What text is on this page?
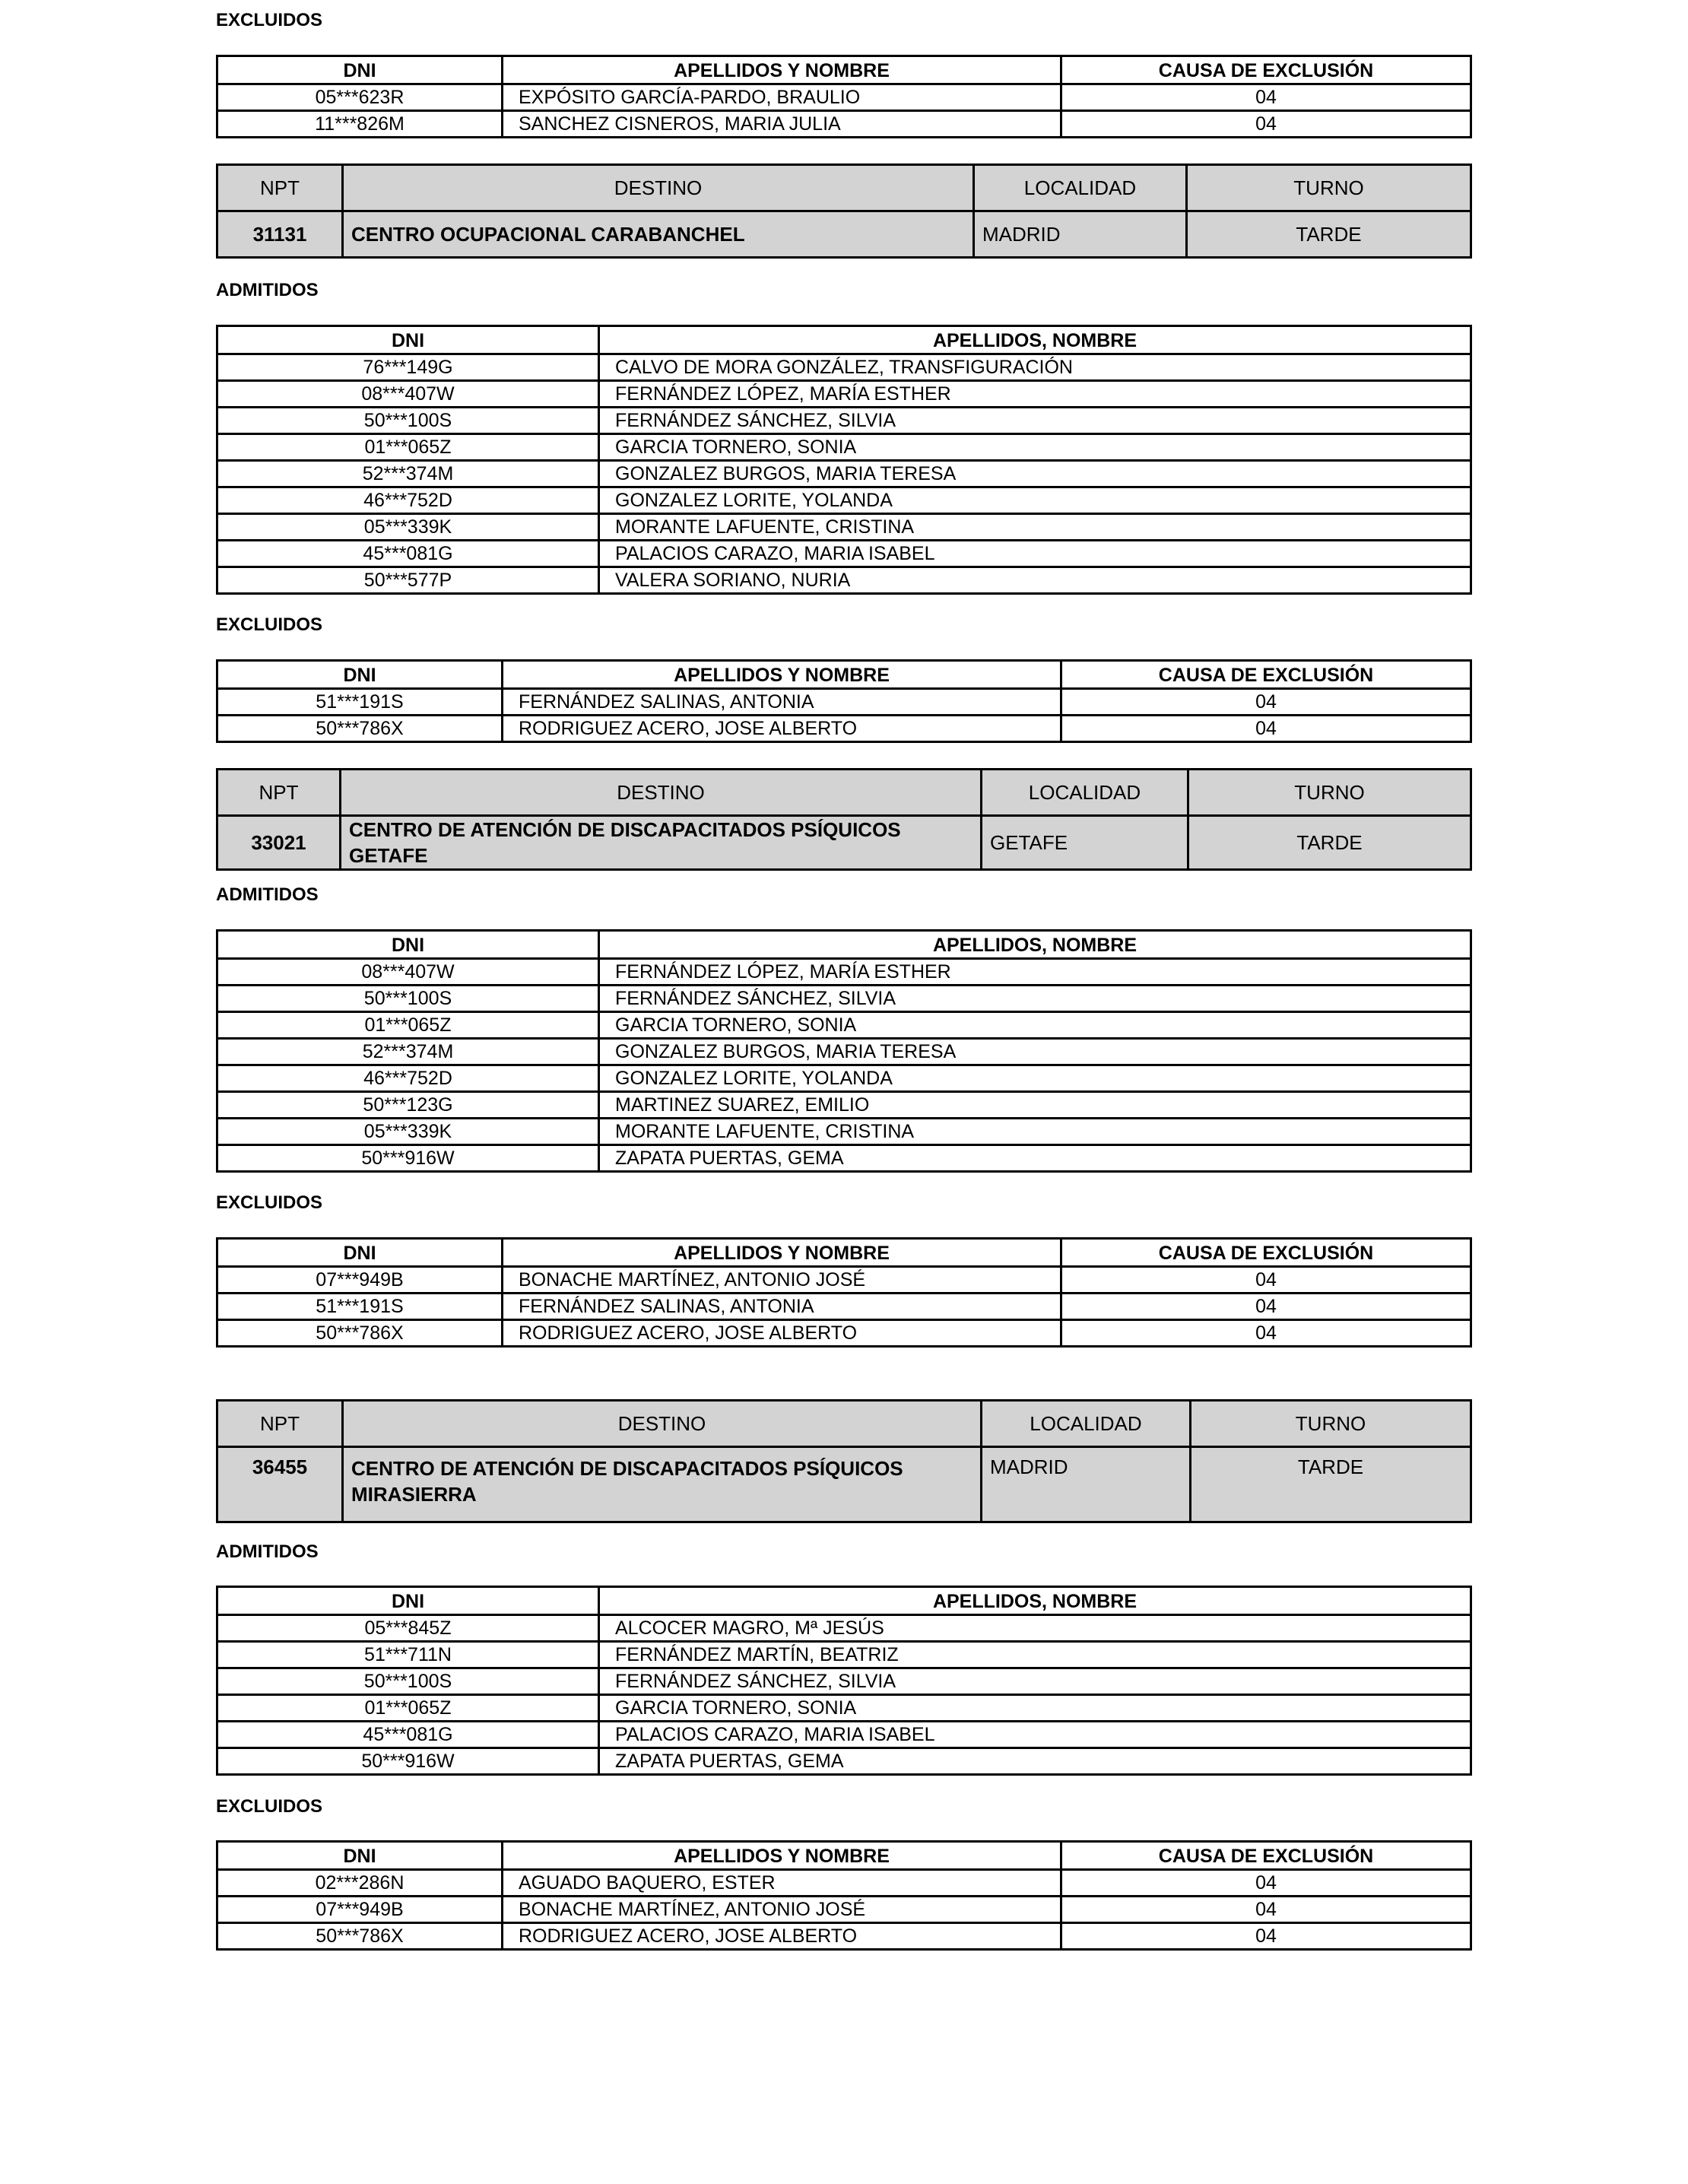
EXCLUIDOS
DNI	APELLIDOS Y NOMBRE	CAUSA DE EXCLUSIÓN
05***623R	EXPÓSITO GARCÍA-PARDO, BRAULIO	04
11***826M	SANCHEZ CISNEROS, MARIA JULIA	04
NPT	DESTINO	LOCALIDAD	TURNO
31131	CENTRO OCUPACIONAL CARABANCHEL	MADRID	TARDE
ADMITIDOS
DNI	APELLIDOS, NOMBRE
76***149G	CALVO DE MORA GONZÁLEZ, TRANSFIGURACIÓN
08***407W	FERNÁNDEZ LÓPEZ, MARÍA ESTHER
50***100S	FERNÁNDEZ SÁNCHEZ, SILVIA
01***065Z	GARCIA TORNERO, SONIA
52***374M	GONZALEZ BURGOS, MARIA TERESA
46***752D	GONZALEZ LORITE, YOLANDA
05***339K	MORANTE LAFUENTE, CRISTINA
45***081G	PALACIOS CARAZO, MARIA ISABEL
50***577P	VALERA SORIANO, NURIA
EXCLUIDOS
DNI	APELLIDOS Y NOMBRE	CAUSA DE EXCLUSIÓN
51***191S	FERNÁNDEZ SALINAS, ANTONIA	04
50***786X	RODRIGUEZ ACERO, JOSE ALBERTO	04
NPT	DESTINO	LOCALIDAD	TURNO
33021	CENTRO DE ATENCIÓN DE DISCAPACITADOS PSÍQUICOS GETAFE	GETAFE	TARDE
ADMITIDOS
DNI	APELLIDOS, NOMBRE
08***407W	FERNÁNDEZ LÓPEZ, MARÍA ESTHER
50***100S	FERNÁNDEZ SÁNCHEZ, SILVIA
01***065Z	GARCIA TORNERO, SONIA
52***374M	GONZALEZ BURGOS, MARIA TERESA
46***752D	GONZALEZ LORITE, YOLANDA
50***123G	MARTINEZ SUAREZ, EMILIO
05***339K	MORANTE LAFUENTE, CRISTINA
50***916W	ZAPATA PUERTAS, GEMA
EXCLUIDOS
DNI	APELLIDOS Y NOMBRE	CAUSA DE EXCLUSIÓN
07***949B	BONACHE MARTÍNEZ, ANTONIO JOSÉ	04
51***191S	FERNÁNDEZ SALINAS, ANTONIA	04
50***786X	RODRIGUEZ ACERO, JOSE ALBERTO	04
NPT	DESTINO	LOCALIDAD	TURNO
36455	CENTRO DE ATENCIÓN DE DISCAPACITADOS PSÍQUICOS MIRASIERRA	MADRID	TARDE
ADMITIDOS
DNI	APELLIDOS, NOMBRE
05***845Z	ALCOCER MAGRO, Mª JESÚS
51***711N	FERNÁNDEZ MARTÍN, BEATRIZ
50***100S	FERNÁNDEZ SÁNCHEZ, SILVIA
01***065Z	GARCIA TORNERO, SONIA
45***081G	PALACIOS CARAZO, MARIA ISABEL
50***916W	ZAPATA PUERTAS, GEMA
EXCLUIDOS
DNI	APELLIDOS Y NOMBRE	CAUSA DE EXCLUSIÓN
02***286N	AGUADO BAQUERO, ESTER	04
07***949B	BONACHE MARTÍNEZ, ANTONIO JOSÉ	04
50***786X	RODRIGUEZ ACERO, JOSE ALBERTO	04
